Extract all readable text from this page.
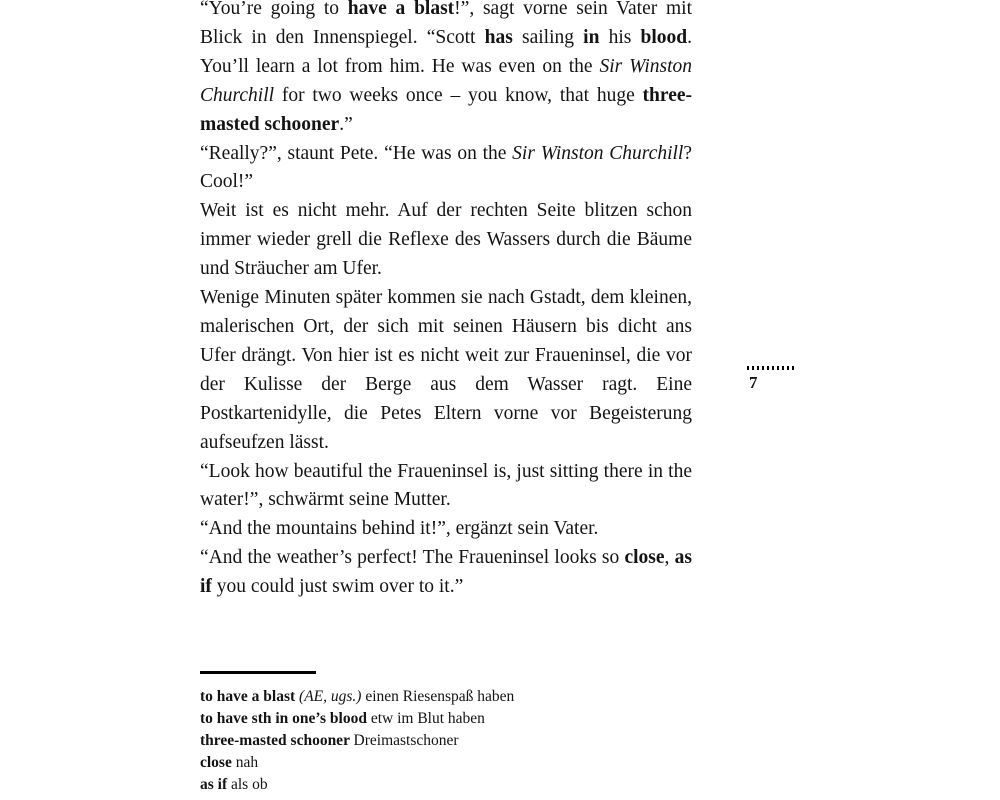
“You’re going to have a blast!”, sagt vorne sein Vater mit Blick in den Innenspiegel. “Scott has sailing in his blood. You’ll learn a lot from him. He was even on the Sir Winston Churchill for two weeks once – you know, that huge three-masted schooner.”

“Really?”, staunt Pete. “He was on the Sir Winston Churchill? Cool!”

Weit ist es nicht mehr. Auf der rechten Seite blitzen schon immer wieder grell die Reflexe des Wassers durch die Bäume und Sträucher am Ufer.

Wenige Minuten später kommen sie nach Gstadt, dem kleinen, malerischen Ort, der sich mit seinen Häusern bis dicht ans Ufer drängt. Von hier ist es nicht weit zur Fraueninsel, die vor der Kulisse der Berge aus dem Wasser ragt. Eine Postkartenidylle, die Petes Eltern vorne vor Begeisterung aufseufzen lässt.

“Look how beautiful the Fraueninsel is, just sitting there in the water!”, schwärmt seine Mutter.

“And the mountains behind it!”, ergänzt sein Vater.

“And the weather’s perfect! The Fraueninsel looks so close, as if you could just swim over to it.”

7
to have a blast (AE, ugs.) einen Riesenspaß haben
to have sth in one’s blood etw im Blut haben
three-masted schooner Dreimastschoner
close nah
as if als ob
